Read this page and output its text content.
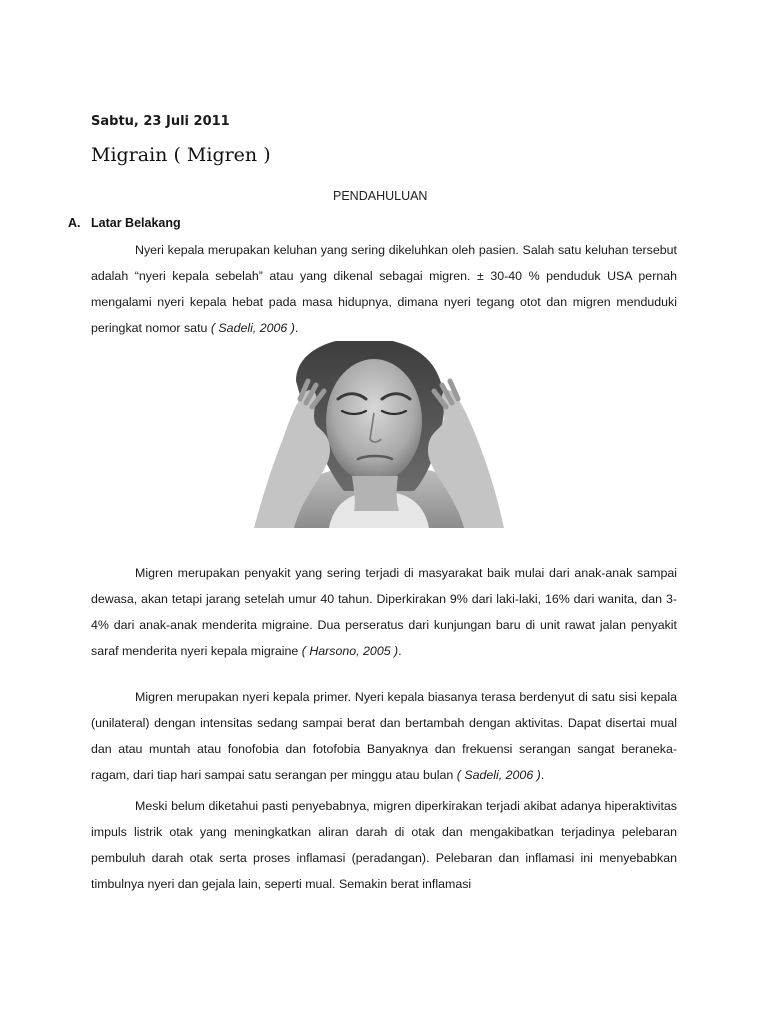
Sabtu, 23 Juli 2011
Migrain ( Migren )
PENDAHULUAN
A. Latar Belakang

Nyeri kepala merupakan keluhan yang sering dikeluhkan oleh pasien. Salah satu keluhan tersebut adalah “nyeri kepala sebelah” atau yang dikenal sebagai migren. ± 30-40 % penduduk USA pernah mengalami nyeri kepala hebat pada masa hidupnya, dimana nyeri tegang otot dan migren menduduki peringkat nomor satu ( Sadeli, 2006 ).

Migren merupakan penyakit yang sering terjadi di masyarakat baik mulai dari anak-anak sampai dewasa, akan tetapi jarang setelah umur 40 tahun. Diperkirakan 9% dari laki-laki, 16% dari wanita, dan 3-4% dari anak-anak menderita migraine. Dua perseratus dari kunjungan baru di unit rawat jalan penyakit saraf menderita nyeri kepala migraine ( Harsono, 2005 ).

Migren merupakan nyeri kepala primer. Nyeri kepala biasanya terasa berdenyut di satu sisi kepala (unilateral) dengan intensitas sedang sampai berat dan bertambah dengan aktivitas. Dapat disertai mual dan atau muntah atau fonofobia dan fotofobia Banyaknya dan frekuensi serangan sangat beraneka-ragam, dari tiap hari sampai satu serangan per minggu atau bulan ( Sadeli, 2006 ).

Meski belum diketahui pasti penyebabnya, migren diperkirakan terjadi akibat adanya hiperaktivitas impuls listrik otak yang meningkatkan aliran darah di otak dan mengakibatkan terjadinya pelebaran pembuluh darah otak serta proses inflamasi (peradangan). Pelebaran dan inflamasi ini menyebabkan timbulnya nyeri dan gejala lain, seperti mual. Semakin berat inflamasi
